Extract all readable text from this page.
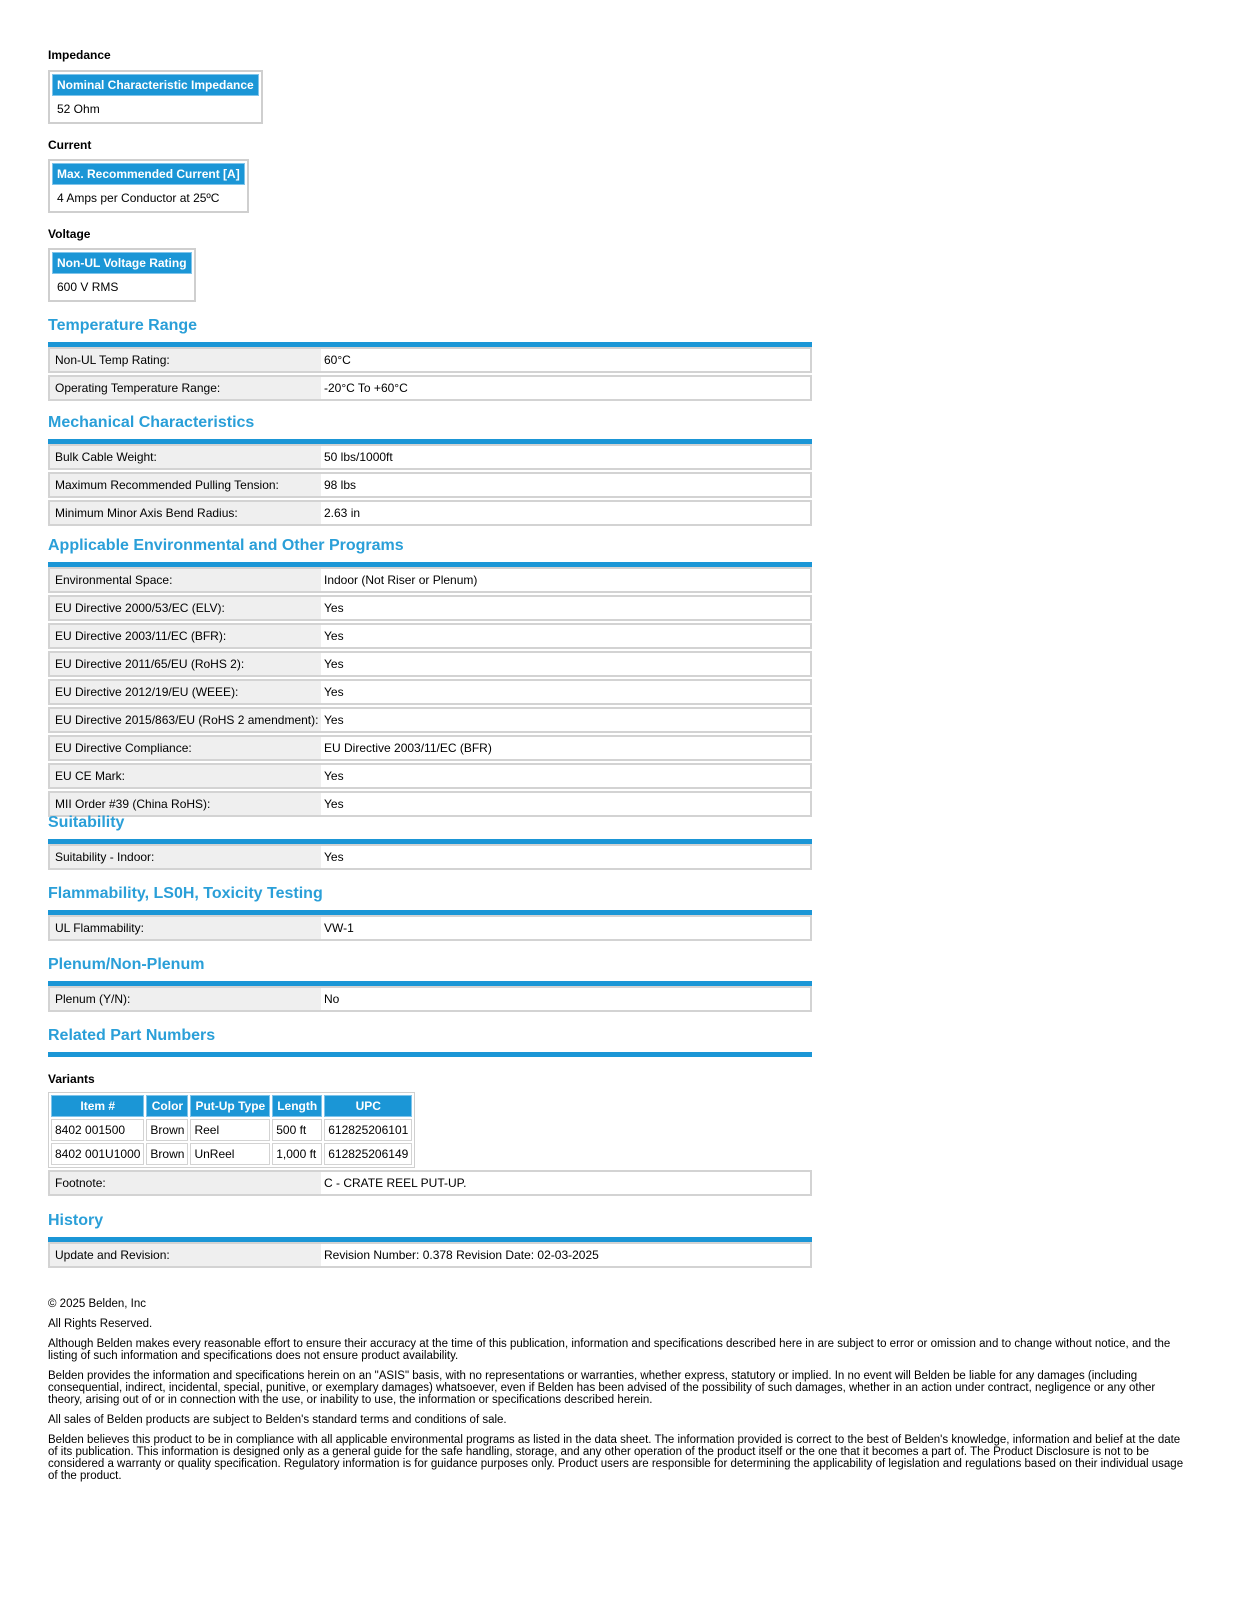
Impedance
Nominal Characteristic Impedance
52 Ohm
Current
Max. Recommended Current [A]
4 Amps per Conductor at 25ºC
Voltage
Non-UL Voltage Rating
600 V RMS
Temperature Range
Non-UL Temp Rating:	60°C
Operating Temperature Range:	-20°C To +60°C
Mechanical Characteristics
Bulk Cable Weight:	50 lbs/1000ft
Maximum Recommended Pulling Tension:	98 lbs
Minimum Minor Axis Bend Radius:	2.63 in
Applicable Environmental and Other Programs
Environmental Space:	Indoor (Not Riser or Plenum)
EU Directive 2000/53/EC (ELV):	Yes
EU Directive 2003/11/EC (BFR):	Yes
EU Directive 2011/65/EU (RoHS 2):	Yes
EU Directive 2012/19/EU (WEEE):	Yes
EU Directive 2015/863/EU (RoHS 2 amendment): Yes
EU Directive Compliance:	EU Directive 2003/11/EC (BFR)
EU CE Mark:	Yes
MII Order #39 (China RoHS):	Yes
Suitability
Suitability - Indoor:	Yes
Flammability, LS0H, Toxicity Testing
UL Flammability:	VW-1
Plenum/Non-Plenum
Plenum (Y/N):	No
Related Part Numbers
Variants
Item #	Color	Put-Up Type	Length	UPC
8402 001500	Brown	Reel	500 ft	612825206101
8402 001U1000	Brown	UnReel	1,000 ft	612825206149
Footnote:	C - CRATE REEL PUT-UP.
History
Update and Revision:	Revision Number: 0.378 Revision Date: 02-03-2025

© 2025 Belden, Inc

All Rights Reserved.

Although Belden makes every reasonable effort to ensure their accuracy at the time of this publication, information and specifications described here in are subject to error or omission and to change without notice, and the listing of such information and specifications does not ensure product availability.

Belden provides the information and specifications herein on an "ASIS" basis, with no representations or warranties, whether express, statutory or implied. In no event will Belden be liable for any damages (including consequential, indirect, incidental, special, punitive, or exemplary damages) whatsoever, even if Belden has been advised of the possibility of such damages, whether in an action under contract, negligence or any other theory, arising out of or in connection with the use, or inability to use, the information or specifications described herein.

All sales of Belden products are subject to Belden's standard terms and conditions of sale.

Belden believes this product to be in compliance with all applicable environmental programs as listed in the data sheet. The information provided is correct to the best of Belden's knowledge, information and belief at the date of its publication. This information is designed only as a general guide for the safe handling, storage, and any other operation of the product itself or the one that it becomes a part of. The Product Disclosure is not to be considered a warranty or quality specification. Regulatory information is for guidance purposes only. Product users are responsible for determining the applicability of legislation and regulations based on their individual usage of the product.
